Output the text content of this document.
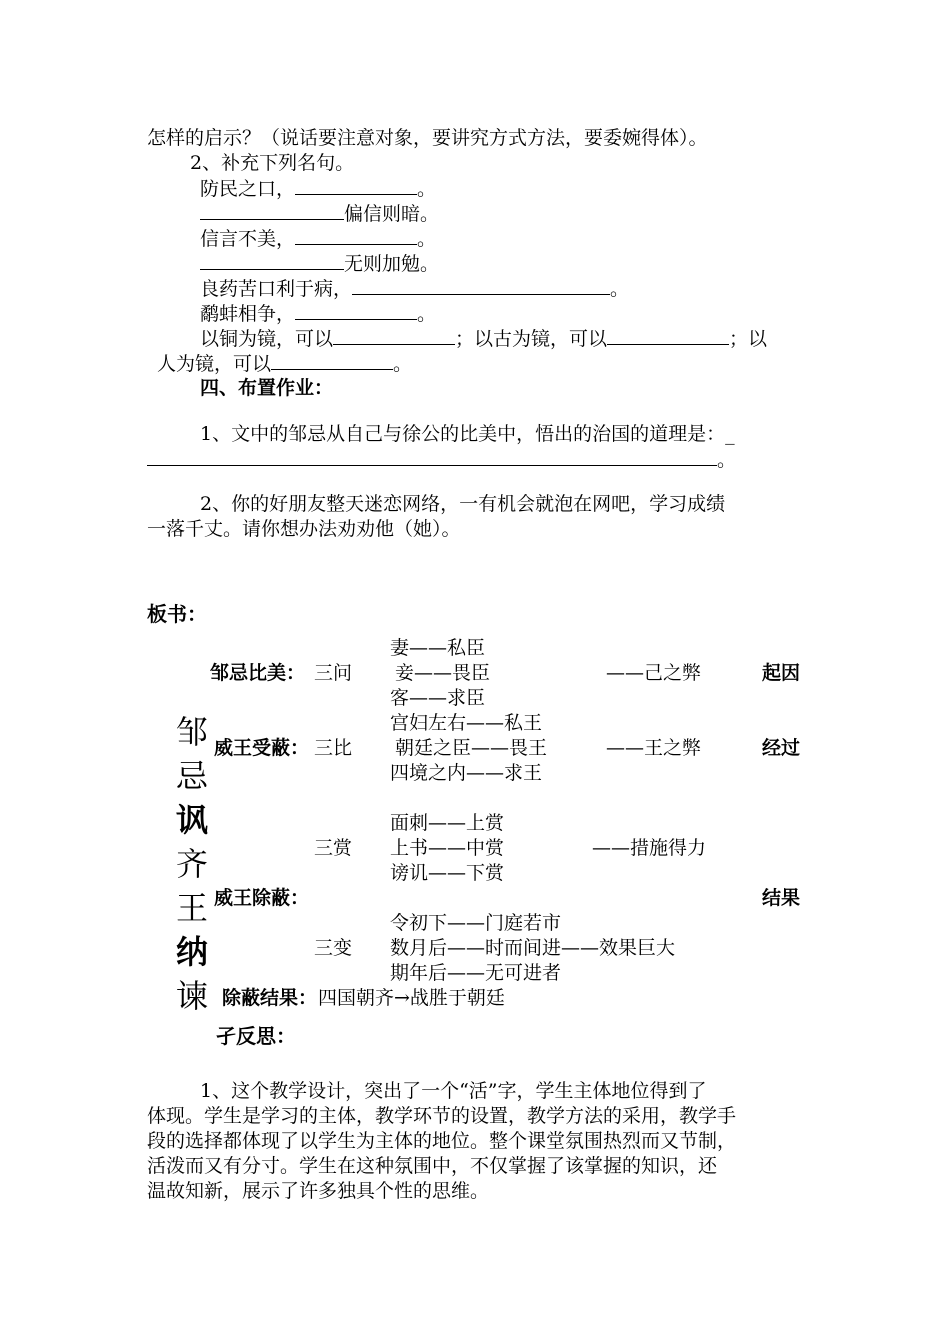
怎样的启示？（说话要注意对象，要讲究方式方法，要委婉得体）。
2、补充下列名句。
防民之口，	。
偏信则暗。
信言不美，	。
无则加勉。
良药苦口利于病，	。
鹬蚌相争，	。
以铜为镜，可以	；以古为镜，可以	；以
人为镜，可以	。
四、布置作业：
1、文中的邹忌从自己与徐公的比美中，悟出的治国的道理是：_
。
2、你的好朋友整天迷恋网络，一有机会就泡在网吧，学习成绩
一落千丈。请你想办法劝劝他（她）。
板书：
邹
忌
讽
齐
王
纳
谏
妻——私臣
邹忌比美： 三问 妾——畏臣	——己之弊	起因
客——求臣
宫妇左右——私王
威王受蔽： 三比 朝廷之臣——畏王	——王之弊	经过
四境之内——求王
面刺——上赏
三赏 上书——中赏	——措施得力
谤讥——下赏
威王除蔽：	结果
令初下——门庭若市
三变 数月后——时而间进——效果巨大
期年后——无可进者
除蔽结果： 四国朝齐→战胜于朝廷
孑反思：
1、这个教学设计，突出了一个“活”字，学生主体地位得到了
体现。学生是学习的主体，教学环节的设置，教学方法的采用，教学手
段的选择都体现了以学生为主体的地位。整个课堂氛围热烈而又节制，
活泼而又有分寸。学生在这种氛围中，不仅掌握了该掌握的知识，还
温故知新，展示了许多独具个性的思维。
